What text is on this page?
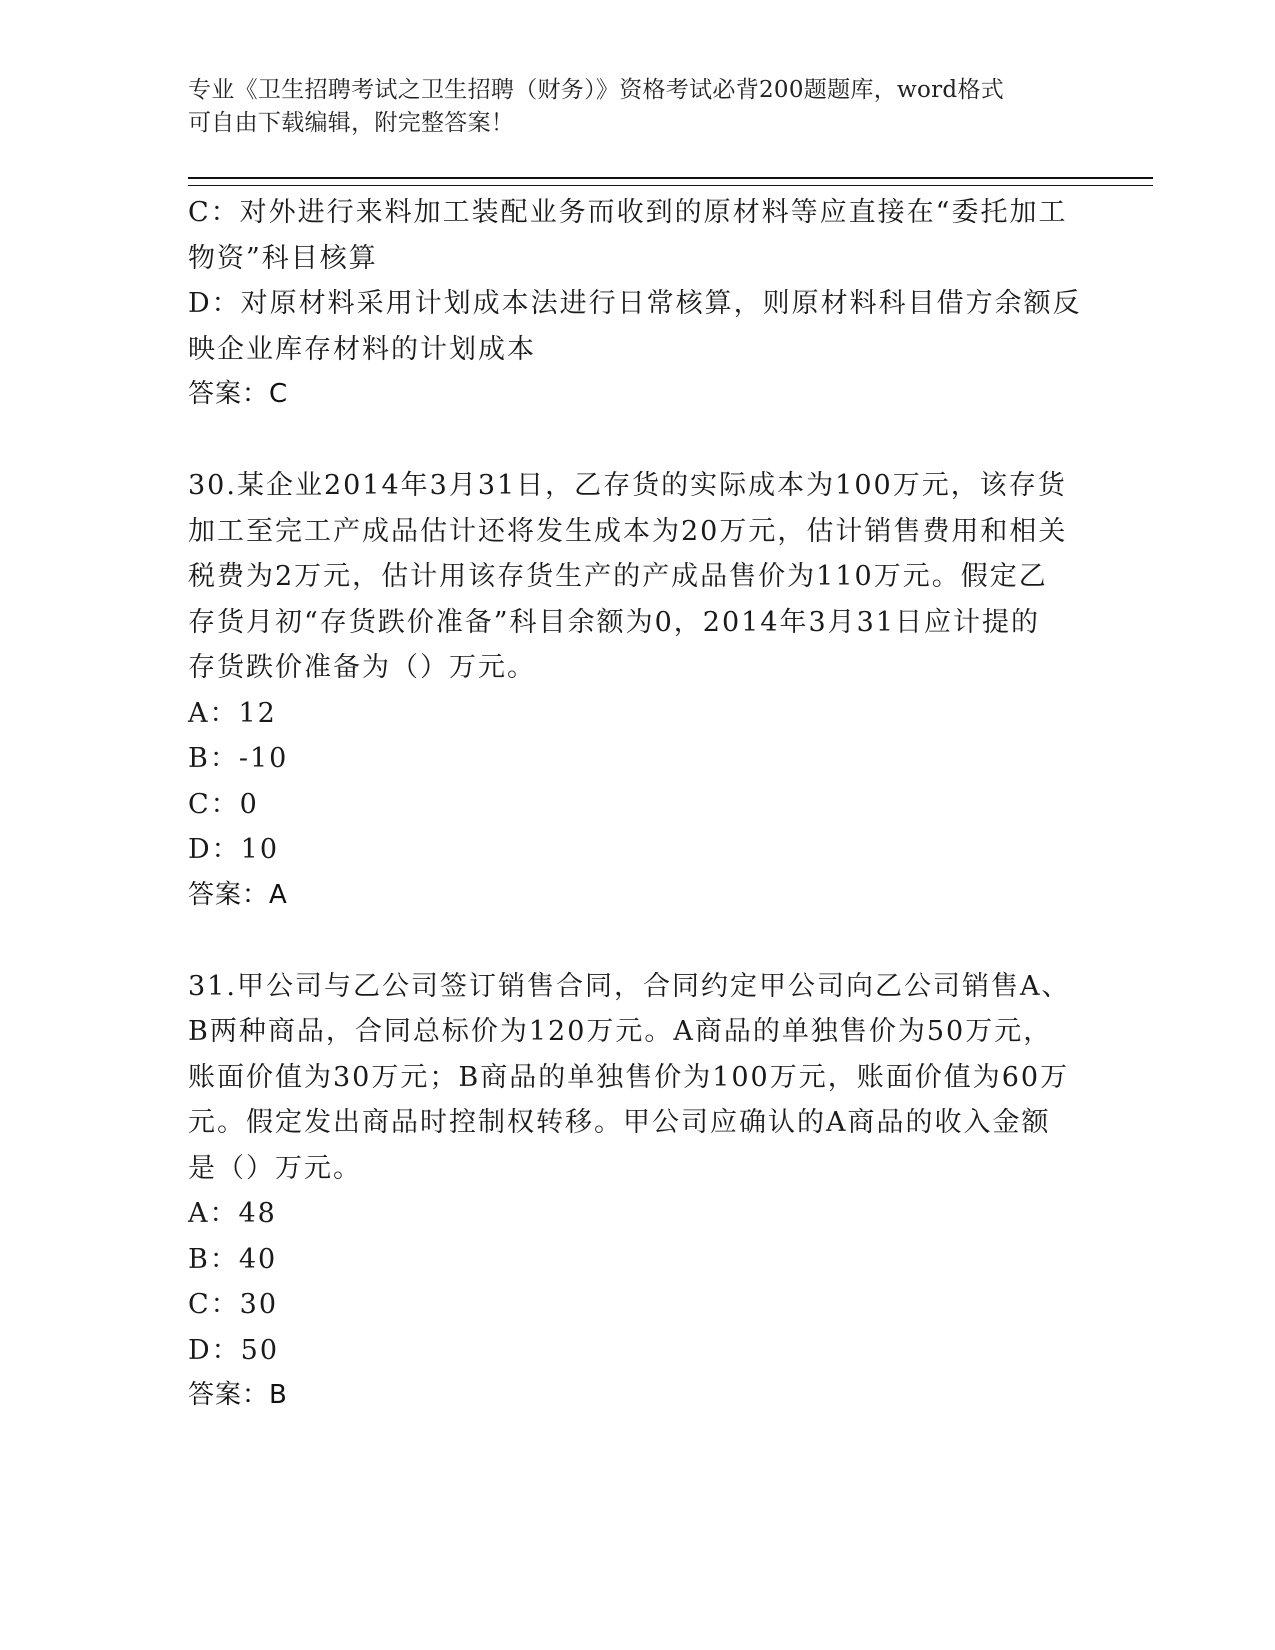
专业《卫生招聘考试之卫生招聘（财务）》资格考试必背200题题库，word格式
可自由下载编辑，附完整答案！
C：对外进行来料加工装配业务而收到的原材料等应直接在“委托加工
物资”科目核算
D：对原材料采用计划成本法进行日常核算，则原材料科目借方余额反
映企业库存材料的计划成本
答案：C
30.某企业2014年3月31日，乙存货的实际成本为100万元，该存货
加工至完工产成品估计还将发生成本为20万元，估计销售费用和相关
税费为2万元，估计用该存货生产的产成品售价为110万元。假定乙
存货月初“存货跌价准备”科目余额为0，2014年3月31日应计提的
存货跌价准备为（）万元。
A：12
B：-10
C：0
D：10
答案：A
31.甲公司与乙公司签订销售合同，合同约定甲公司向乙公司销售A、
B两种商品，合同总标价为120万元。A商品的单独售价为50万元，
账面价值为30万元；B商品的单独售价为100万元，账面价值为60万
元。假定发出商品时控制权转移。甲公司应确认的A商品的收入金额
是（）万元。
A：48
B：40
C：30
D：50
答案：B
